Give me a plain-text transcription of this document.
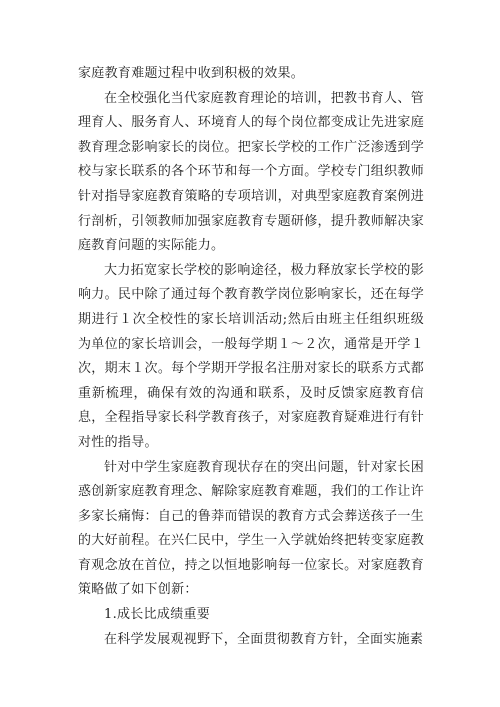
家庭教育难题过程中收到积极的效果。

在全校强化当代家庭教育理论的培训，把教书育人、管理育人、服务育人、环境育人的每个岗位都变成让先进家庭教育理念影响家长的岗位。把家长学校的工作广泛渗透到学校与家长联系的各个环节和每一个方面。学校专门组织教师针对指导家庭教育策略的专项培训，对典型家庭教育案例进行剖析，引领教师加强家庭教育专题研修，提升教师解决家庭教育问题的实际能力。

大力拓宽家长学校的影响途径，极力释放家长学校的影响力。民中除了通过每个教育教学岗位影响家长，还在每学期进行１次全校性的家长培训活动;然后由班主任组织班级为单位的家长培训会，一般每学期１～２次，通常是开学１次，期末１次。每个学期开学报名注册对家长的联系方式都重新梳理，确保有效的沟通和联系，及时反馈家庭教育信息，全程指导家长科学教育孩子，对家庭教育疑难进行有针对性的指导。

针对中学生家庭教育现状存在的突出问题，针对家长困惑创新家庭教育理念、解除家庭教育难题，我们的工作让许多家长痛悔：自己的鲁莽而错误的教育方式会葬送孩子一生的大好前程。在兴仁民中，学生一入学就始终把转变家庭教育观念放在首位，持之以恒地影响每一位家长。对家庭教育策略做了如下创新：

1.成长比成绩重要

在科学发展观视野下，全面贯彻教育方针，全面实施素
